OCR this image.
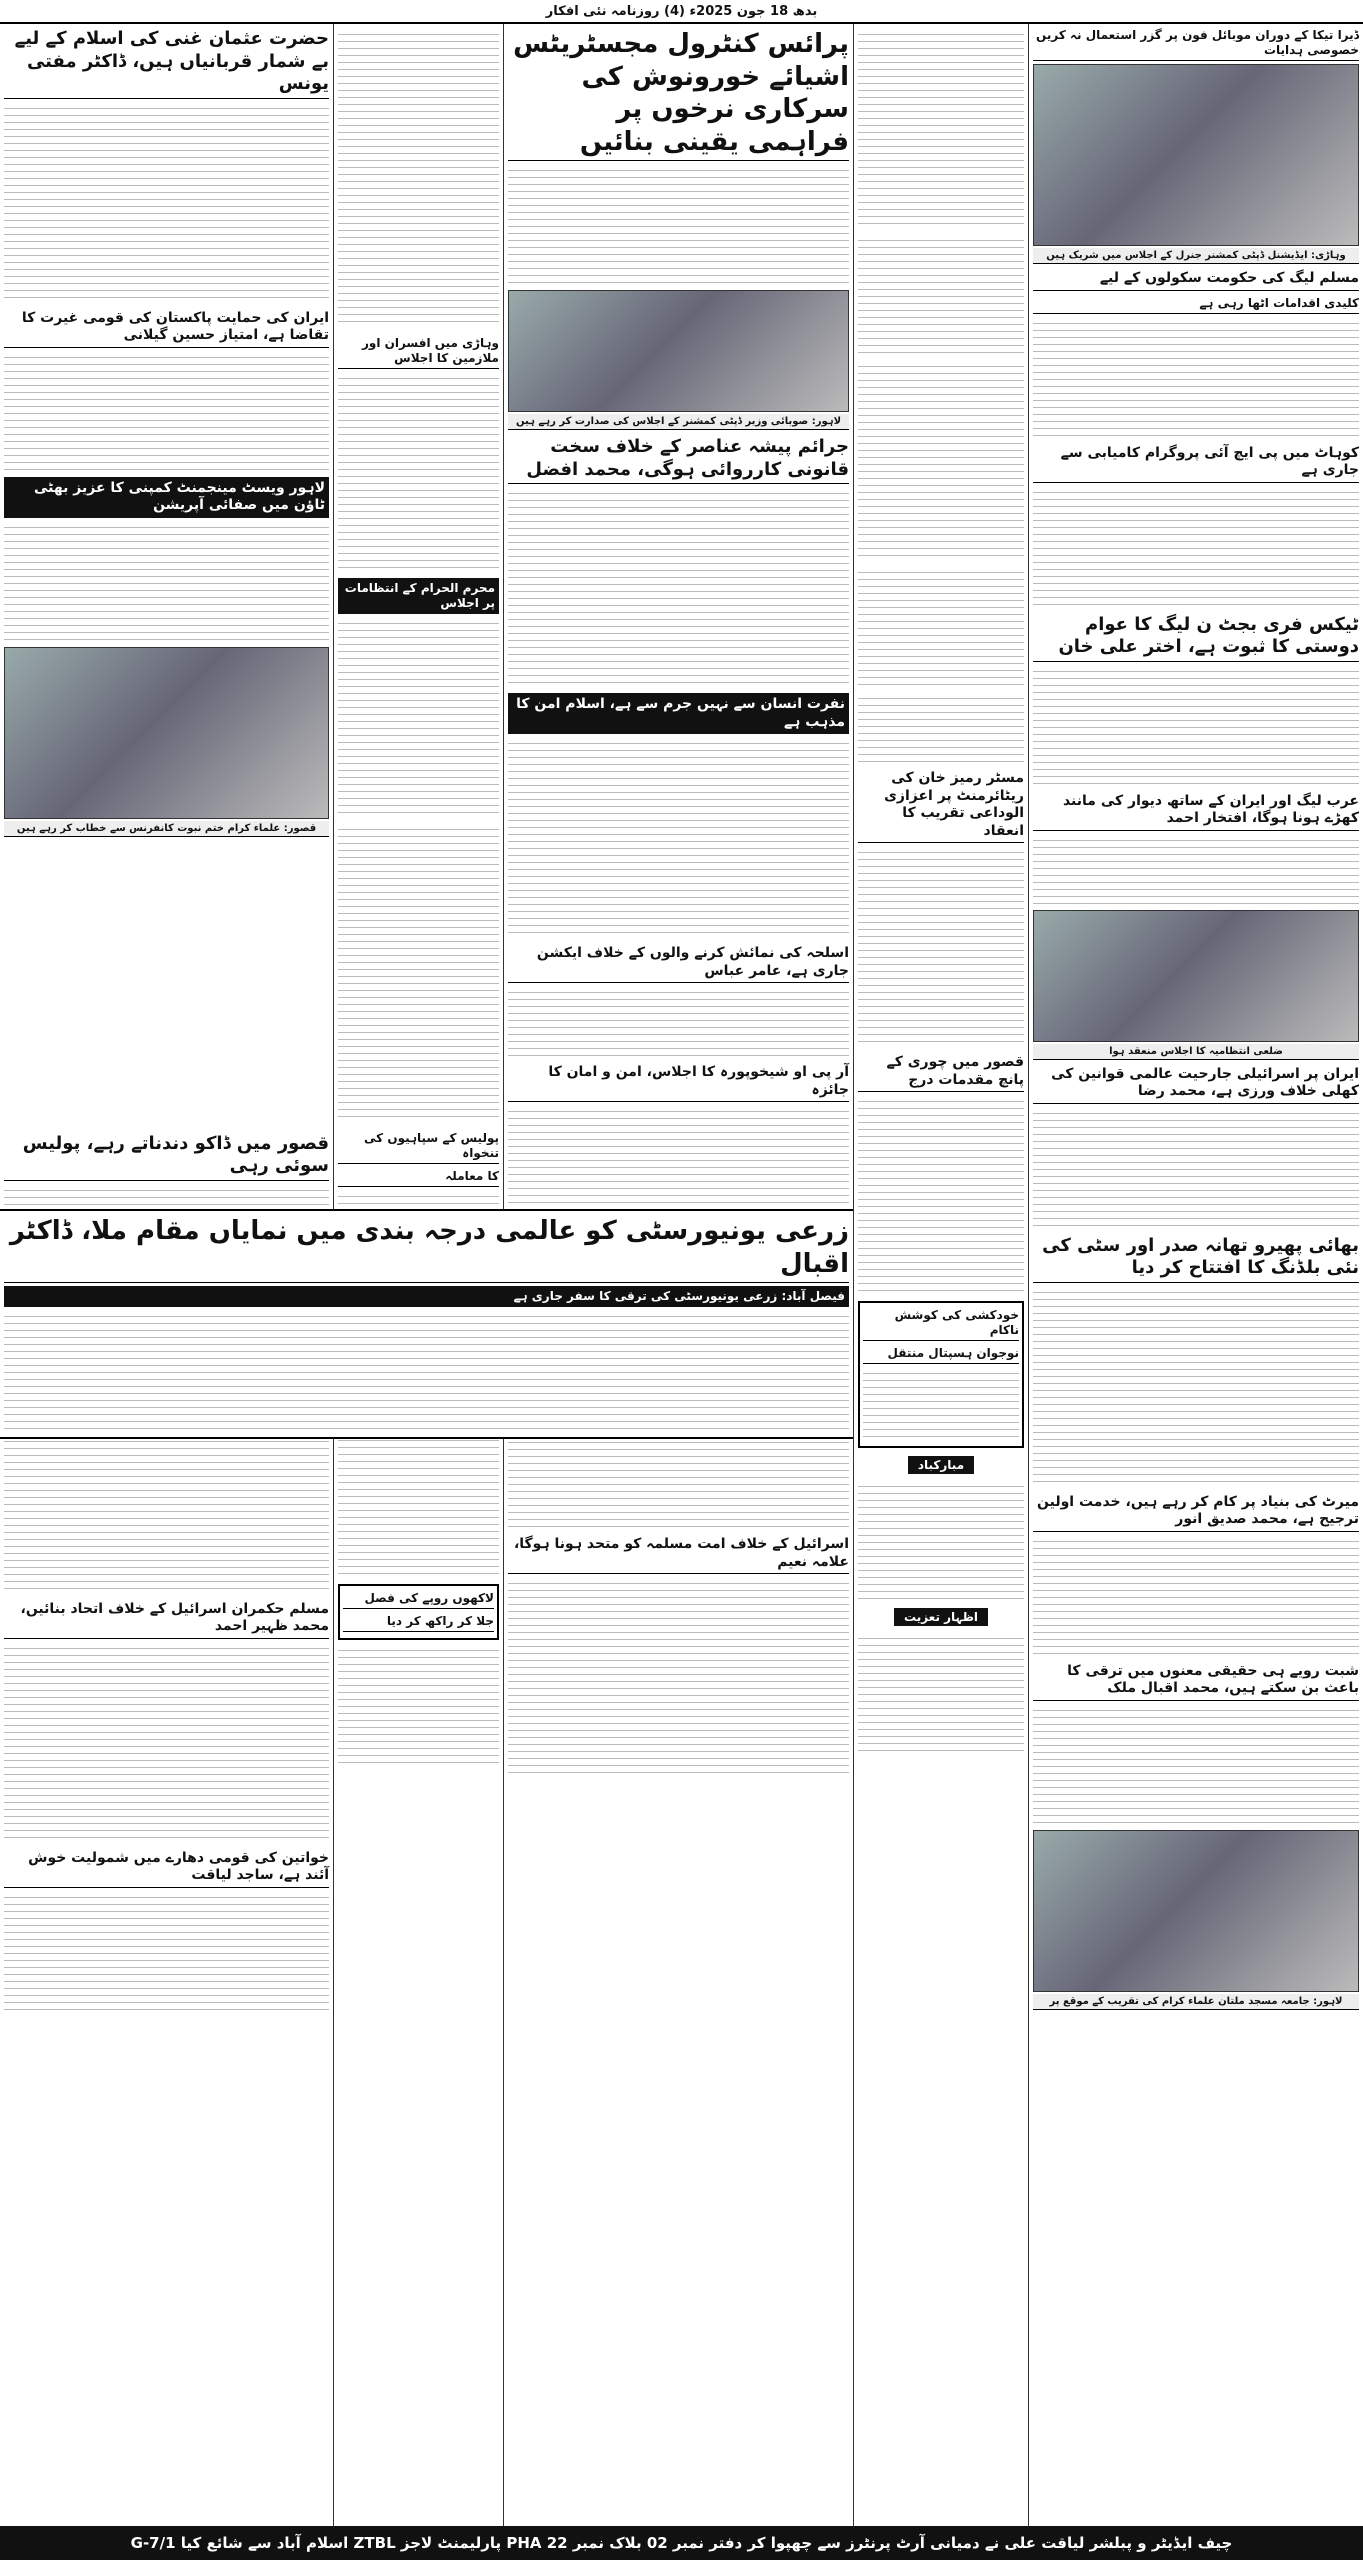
بدھ 18 جون 2025ء (4) روزنامہ نئی افکار
ڈیرا تیکا کے دوران موبائل فون پر گزر استعمال نہ کریں خصوصی ہدایات
وہاڑی: ایڈیشنل ڈپٹی کمشنر جنرل کے اجلاس میں شریک ہیں
مسلم لیگ کی حکومت سکولوں کے لیے
کلیدی اقدامات اٹھا رہی ہے
کوہاٹ میں پی ایچ آئی پروگرام کامیابی سے جاری ہے
ٹیکس فری بجٹ ن لیگ کا عوام دوستی کا ثبوت ہے، اختر علی خان
عرب لیگ اور ایران کے ساتھ دیوار کی مانند کھڑے ہونا ہوگا، افتخار احمد
ضلعی انتظامیہ کا اجلاس منعقد ہوا
ایران پر اسرائیلی جارحیت عالمی قوانین کی کھلی خلاف ورزی ہے، محمد رضا
بھائی پھیرو تھانہ صدر اور سٹی کی نئی بلڈنگ کا افتتاح کر دیا
میرٹ کی بنیاد پر کام کر رہے ہیں، خدمت اولین ترجیح ہے، محمد صدیق انور
شبت رویے ہی حقیقی معنوں میں ترقی کا باعث بن سکتے ہیں، محمد اقبال ملک
لاہور: جامعہ مسجد ملتان علماء کرام کی تقریب کے موقع پر
مسٹر رمیز خان کی ریٹائرمنٹ پر اعزازی الوداعی تقریب کا انعقاد
قصور میں چوری کے پانچ مقدمات درج
خودکشی کی کوشش ناکام
نوجوان ہسپتال منتقل
مبارکباد
اظہار تعزیت
پرائس کنٹرول مجسٹریٹس اشیائے خورونوش کی سرکاری نرخوں پر فراہمی یقینی بنائیں
لاہور: صوبائی وزیر ڈپٹی کمشنر کے اجلاس کی صدارت کر رہے ہیں
جرائم پیشہ عناصر کے خلاف سخت قانونی کارروائی ہوگی، محمد افضل
نفرت انسان سے نہیں جرم سے ہے، اسلام امن کا مذہب ہے
اسلحہ کی نمائش کرنے والوں کے خلاف ایکشن جاری ہے، عامر عباس
آر پی او شیخوپورہ کا اجلاس، امن و امان کا جائزہ
اسرائیل کے خلاف امت مسلمہ کو متحد ہونا ہوگا، علامہ نعیم
وہاڑی میں افسران اور ملازمین کا اجلاس
محرم الحرام کے انتظامات پر اجلاس
پولیس کے سپاہیوں کی تنخواہ
کا معاملہ
لاکھوں روپے کی فصل
جلا کر راکھ کر دیا
حضرت عثمان غنی کی اسلام کے لیے بے شمار قربانیاں ہیں، ڈاکٹر مفتی یونس
ایران کی حمایت پاکستان کی قومی غیرت کا تقاضا ہے، امتیاز حسین گیلانی
لاہور ویسٹ مینجمنٹ کمپنی کا عزیز بھٹی ٹاؤن میں صفائی آپریشن
قصور: علماء کرام ختم نبوت کانفرنس سے خطاب کر رہے ہیں
قصور میں ڈاکو دندناتے رہے، پولیس سوئی رہی
مسلم حکمران اسرائیل کے خلاف اتحاد بنائیں، محمد ظہیر احمد
خواتین کی قومی دھارے میں شمولیت خوش آئند ہے، ساجد لیاقت
زرعی یونیورسٹی کو عالمی درجہ بندی میں نمایاں مقام ملا، ڈاکٹر اقبال
فیصل آباد: زرعی یونیورسٹی کی ترقی کا سفر جاری ہے
چیف ایڈیٹر و پبلشر لیاقت علی نے دمیانی آرٹ پرنٹرز سے چھپوا کر دفتر نمبر 02 بلاک نمبر 22 PHA پارلیمنٹ لاجز ZTBL اسلام آباد سے شائع کیا G-7/1
